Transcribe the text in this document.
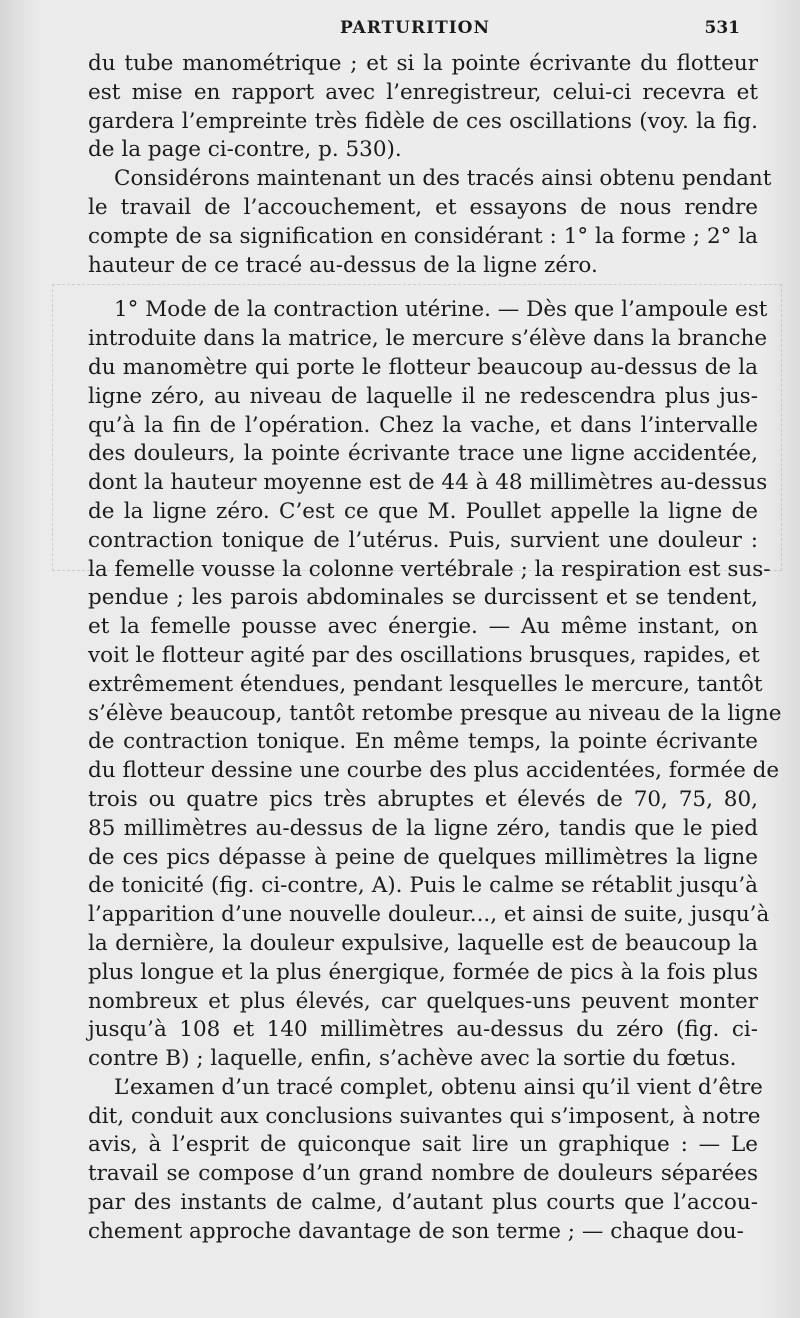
PARTURITION	531
du tube manométrique ; et si la pointe écrivante du flotteur
est mise en rapport avec l’enregistreur, celui-ci recevra et
gardera l’empreinte très fidèle de ces oscillations (voy. la fig.
de la page ci-contre, p. 530).
Considérons maintenant un des tracés ainsi obtenu pendant
le travail de l’accouchement, et essayons de nous rendre
compte de sa signification en considérant : 1° la forme ; 2° la
hauteur de ce tracé au-dessus de la ligne zéro.
1° Mode de la contraction utérine. — Dès que l’ampoule est
introduite dans la matrice, le mercure s’élève dans la branche
du manomètre qui porte le flotteur beaucoup au-dessus de la
ligne zéro, au niveau de laquelle il ne redescendra plus jus-
qu’à la fin de l’opération. Chez la vache, et dans l’intervalle
des douleurs, la pointe écrivante trace une ligne accidentée,
dont la hauteur moyenne est de 44 à 48 millimètres au-dessus
de la ligne zéro. C’est ce que M. Poullet appelle la ligne de
contraction tonique de l’utérus. Puis, survient une douleur :
la femelle vousse la colonne vertébrale ; la respiration est sus-
pendue ; les parois abdominales se durcissent et se tendent,
et la femelle pousse avec énergie. — Au même instant, on
voit le flotteur agité par des oscillations brusques, rapides, et
extrêmement étendues, pendant lesquelles le mercure, tantôt
s’élève beaucoup, tantôt retombe presque au niveau de la ligne
de contraction tonique. En même temps, la pointe écrivante
du flotteur dessine une courbe des plus accidentées, formée de
trois ou quatre pics très abruptes et élevés de 70, 75, 80,
85 millimètres au-dessus de la ligne zéro, tandis que le pied
de ces pics dépasse à peine de quelques millimètres la ligne
de tonicité (fig. ci-contre, A). Puis le calme se rétablit jusqu’à
l’apparition d’une nouvelle douleur..., et ainsi de suite, jusqu’à
la dernière, la douleur expulsive, laquelle est de beaucoup la
plus longue et la plus énergique, formée de pics à la fois plus
nombreux et plus élevés, car quelques-uns peuvent monter
jusqu’à 108 et 140 millimètres au-dessus du zéro (fig. ci-
contre B) ; laquelle, enfin, s’achève avec la sortie du fœtus.
L’examen d’un tracé complet, obtenu ainsi qu’il vient d’être
dit, conduit aux conclusions suivantes qui s’imposent, à notre
avis, à l’esprit de quiconque sait lire un graphique : — Le
travail se compose d’un grand nombre de douleurs séparées
par des instants de calme, d’autant plus courts que l’accou-
chement approche davantage de son terme ; — chaque dou-
